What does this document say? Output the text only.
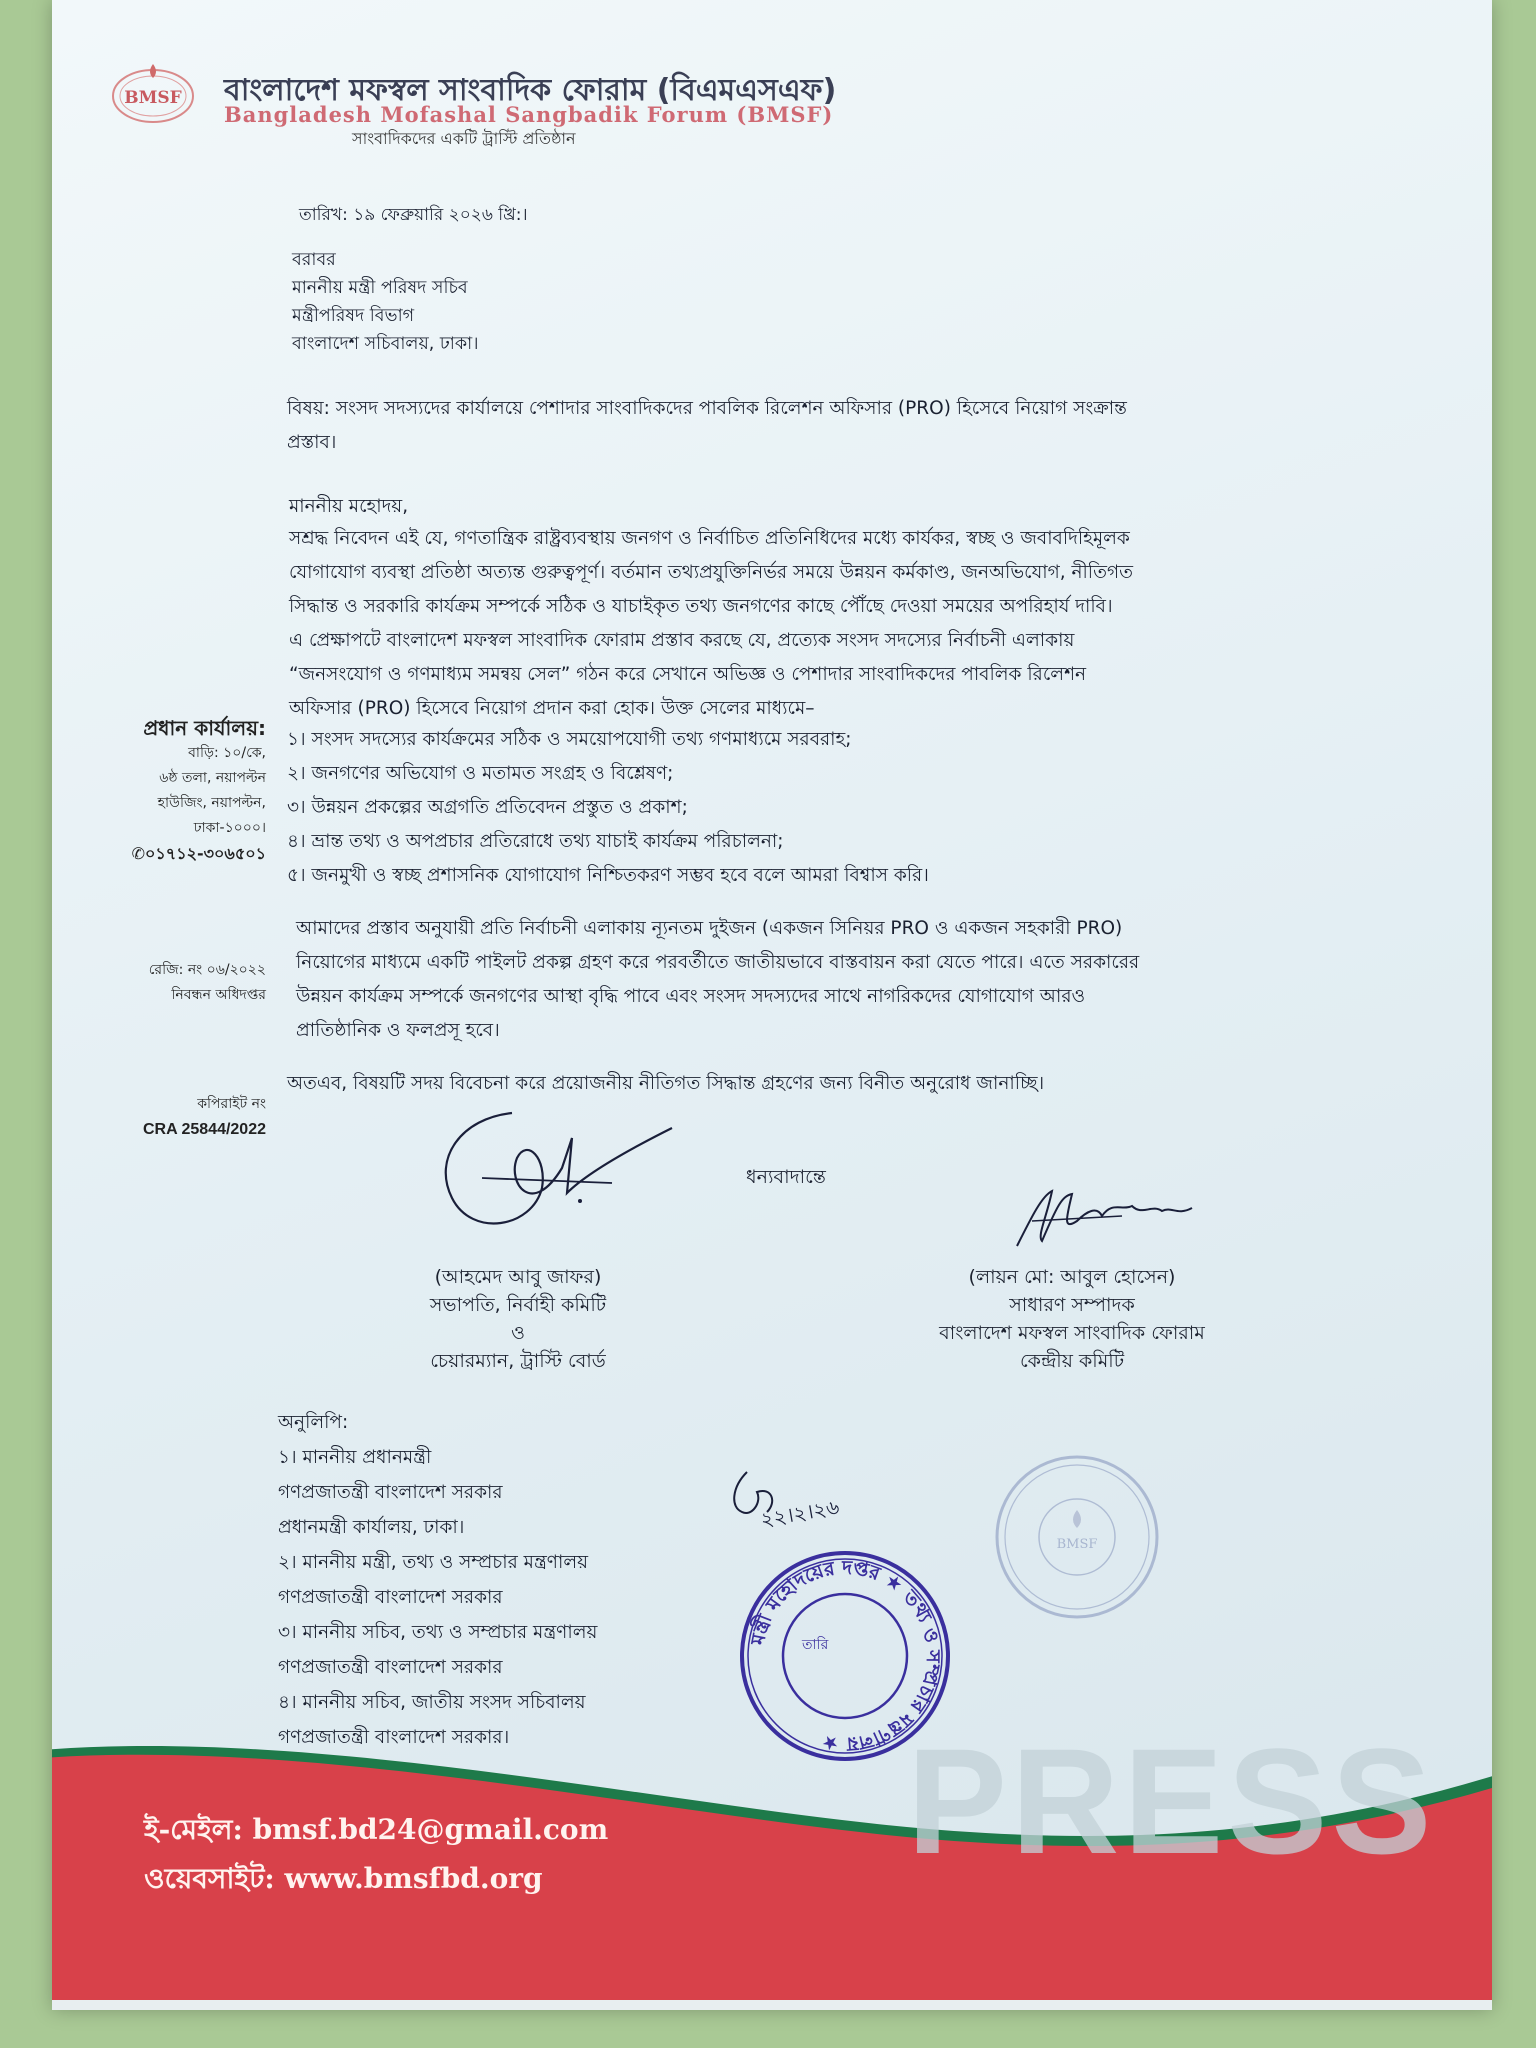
BMSF বাংলাদেশ মফস্বল সাংবাদিক ফোরাম (বিএমএসএফ)
Bangladesh Mofashal Sangbadik Forum (BMSF)
সাংবাদিকদের একটি ট্রাস্টি প্রতিষ্ঠান
তারিখ: ১৯ ফেব্রুয়ারি ২০২৬ খ্রি:।
বরাবর
মাননীয় মন্ত্রী পরিষদ সচিব
মন্ত্রীপরিষদ বিভাগ
বাংলাদেশ সচিবালয়, ঢাকা।
বিষয়: সংসদ সদস্যদের কার্যালয়ে পেশাদার সাংবাদিকদের পাবলিক রিলেশন অফিসার (PRO) হিসেবে নিয়োগ সংক্রান্ত
প্রস্তাব।
মাননীয় মহোদয়,
সশ্রদ্ধ নিবেদন এই যে, গণতান্ত্রিক রাষ্ট্রব্যবস্থায় জনগণ ও নির্বাচিত প্রতিনিধিদের মধ্যে কার্যকর, স্বচ্ছ ও জবাবদিহিমূলক
যোগাযোগ ব্যবস্থা প্রতিষ্ঠা অত্যন্ত গুরুত্বপূর্ণ। বর্তমান তথ্যপ্রযুক্তিনির্ভর সময়ে উন্নয়ন কর্মকাণ্ড, জনঅভিযোগ, নীতিগত
সিদ্ধান্ত ও সরকারি কার্যক্রম সম্পর্কে সঠিক ও যাচাইকৃত তথ্য জনগণের কাছে পৌঁছে দেওয়া সময়ের অপরিহার্য দাবি।
এ প্রেক্ষাপটে বাংলাদেশ মফস্বল সাংবাদিক ফোরাম প্রস্তাব করছে যে, প্রত্যেক সংসদ সদস্যের নির্বাচনী এলাকায়
“জনসংযোগ ও গণমাধ্যম সমন্বয় সেল” গঠন করে সেখানে অভিজ্ঞ ও পেশাদার সাংবাদিকদের পাবলিক রিলেশন
অফিসার (PRO) হিসেবে নিয়োগ প্রদান করা হোক। উক্ত সেলের মাধ্যমে–
১। সংসদ সদস্যের কার্যক্রমের সঠিক ও সময়োপযোগী তথ্য গণমাধ্যমে সরবরাহ;
২। জনগণের অভিযোগ ও মতামত সংগ্রহ ও বিশ্লেষণ;
৩। উন্নয়ন প্রকল্পের অগ্রগতি প্রতিবেদন প্রস্তুত ও প্রকাশ;
৪। ভ্রান্ত তথ্য ও অপপ্রচার প্রতিরোধে তথ্য যাচাই কার্যক্রম পরিচালনা;
৫। জনমুখী ও স্বচ্ছ প্রশাসনিক যোগাযোগ নিশ্চিতকরণ সম্ভব হবে বলে আমরা বিশ্বাস করি।
আমাদের প্রস্তাব অনুযায়ী প্রতি নির্বাচনী এলাকায় ন্যূনতম দুইজন (একজন সিনিয়র PRO ও একজন সহকারী PRO)
নিয়োগের মাধ্যমে একটি পাইলট প্রকল্প গ্রহণ করে পরবর্তীতে জাতীয়ভাবে বাস্তবায়ন করা যেতে পারে। এতে সরকারের
উন্নয়ন কার্যক্রম সম্পর্কে জনগণের আস্থা বৃদ্ধি পাবে এবং সংসদ সদস্যদের সাথে নাগরিকদের যোগাযোগ আরও
প্রাতিষ্ঠানিক ও ফলপ্রসূ হবে।
অতএব, বিষয়টি সদয় বিবেচনা করে প্রয়োজনীয় নীতিগত সিদ্ধান্ত গ্রহণের জন্য বিনীত অনুরোধ জানাচ্ছি।
প্রধান কার্যালয়:
বাড়ি: ১০/কে,
৬ষ্ঠ তলা, নয়াপল্টন
হাউজিং, নয়াপল্টন,
ঢাকা-১০০০।
✆০১৭১২-৩০৬৫০১
রেজি: নং ০৬/২০২২
নিবন্ধন অধিদপ্তর
কপিরাইট নং
CRA 25844/2022
ধন্যবাদান্তে
(আহমেদ আবু জাফর)
সভাপতি, নির্বাহী কমিটি
ও
চেয়ারম্যান, ট্রাস্টি বোর্ড
(লায়ন মো: আবুল হোসেন)
সাধারণ সম্পাদক
বাংলাদেশ মফস্বল সাংবাদিক ফোরাম
কেন্দ্রীয় কমিটি
অনুলিপি:
১। মাননীয় প্রধানমন্ত্রী
গণপ্রজাতন্ত্রী বাংলাদেশ সরকার
প্রধানমন্ত্রী কার্যালয়, ঢাকা।
২। মাননীয় মন্ত্রী, তথ্য ও সম্প্রচার মন্ত্রণালয়
গণপ্রজাতন্ত্রী বাংলাদেশ সরকার
৩। মাননীয় সচিব, তথ্য ও সম্প্রচার মন্ত্রণালয়
গণপ্রজাতন্ত্রী বাংলাদেশ সরকার
৪। মাননীয় সচিব, জাতীয় সংসদ সচিবালয়
গণপ্রজাতন্ত্রী বাংলাদেশ সরকার।
২২।২।২৬
মন্ত্রী মহোদয়ের দপ্তর ★ তথ্য ও সম্প্রচার মন্ত্রণালয় ★
তারি
BMSF
PRESS
ই-মেইল: bmsf.bd24@gmail.com
ওয়েবসাইট: www.bmsfbd.org
